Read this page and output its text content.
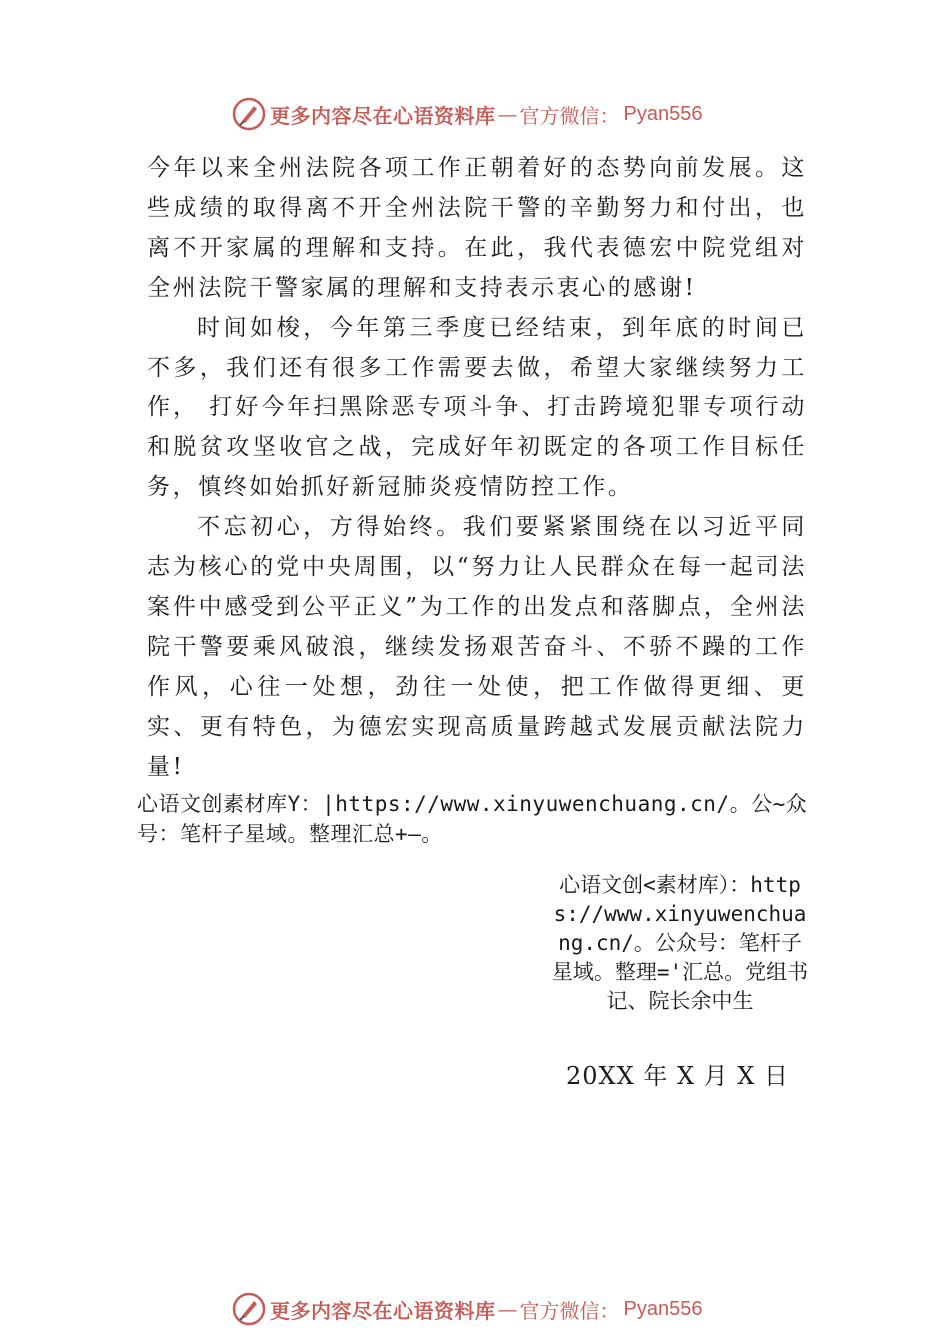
更多内容尽在心语资料库 — 官方微信： Pyan556

今年以来全州法院各项工作正朝着好的态势向前发展。这些成绩的取得离不开全州法院干警的辛勤努力和付出，也离不开家属的理解和支持。在此，我代表德宏中院党组对全州法院干警家属的理解和支持表示衷心的感谢!

时间如梭，今年第三季度已经结束，到年底的时间已不多，我们还有很多工作需要去做，希望大家继续努力工作， 打好今年扫黑除恶专项斗争、打击跨境犯罪专项行动和脱贫攻坚收官之战，完成好年初既定的各项工作目标任务，慎终如始抓好新冠肺炎疫情防控工作。

不忘初心，方得始终。我们要紧紧围绕在以习近平同志为核心的党中央周围，以“努力让人民群众在每一起司法案件中感受到公平正义”为工作的出发点和落脚点，全州法院干警要乘风破浪，继续发扬艰苦奋斗、不骄不躁的工作作风，心往一处想，劲往一处使，把工作做得更细、更实、更有特色，为德宏实现高质量跨越式发展贡献法院力量!

心语文创素材库Y：|https://www.xinyuwenchuang.cn/。公~众号：笔杆子星域。整理汇总+—。
心语文创<素材库）：https://www.xinyuwenchuang.cn/。公众号：笔杆子星域。整理='汇总。党组书记、院长余中生
20XX 年 X 月 X 日
更多内容尽在心语资料库 — 官方微信： Pyan556
